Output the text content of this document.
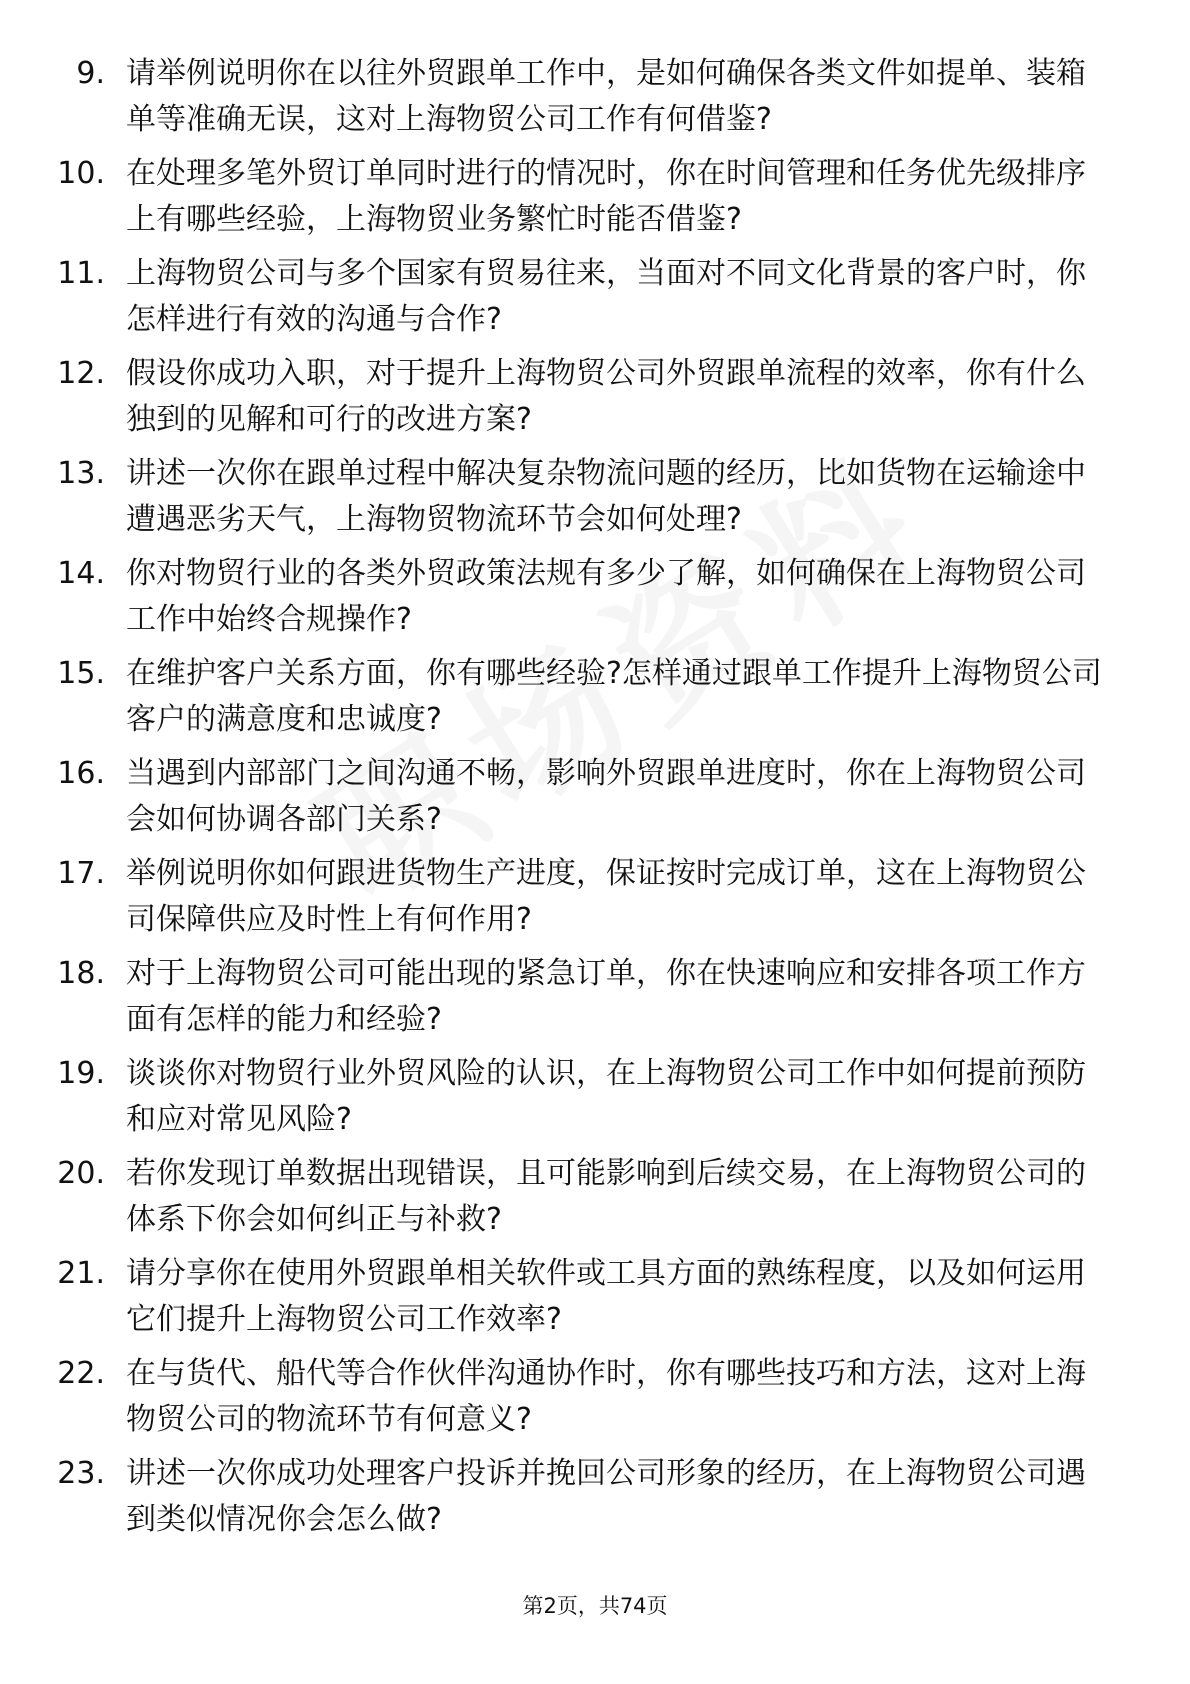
9. 请举例说明你在以往外贸跟单工作中，是如何确保各类文件如提单、装箱单等准确无误，这对上海物贸公司工作有何借鉴?
10. 在处理多笔外贸订单同时进行的情况时，你在时间管理和任务优先级排序上有哪些经验，上海物贸业务繁忙时能否借鉴?
11. 上海物贸公司与多个国家有贸易往来，当面对不同文化背景的客户时，你怎样进行有效的沟通与合作?
12. 假设你成功入职，对于提升上海物贸公司外贸跟单流程的效率，你有什么独到的见解和可行的改进方案?
13. 讲述一次你在跟单过程中解决复杂物流问题的经历，比如货物在运输途中遭遇恶劣天气，上海物贸物流环节会如何处理?
14. 你对物贸行业的各类外贸政策法规有多少了解，如何确保在上海物贸公司工作中始终合规操作?
15. 在维护客户关系方面，你有哪些经验?怎样通过跟单工作提升上海物贸公司客户的满意度和忠诚度?
16. 当遇到内部部门之间沟通不畅，影响外贸跟单进度时，你在上海物贸公司会如何协调各部门关系?
17. 举例说明你如何跟进货物生产进度，保证按时完成订单，这在上海物贸公司保障供应及时性上有何作用?
18. 对于上海物贸公司可能出现的紧急订单，你在快速响应和安排各项工作方面有怎样的能力和经验?
19. 谈谈你对物贸行业外贸风险的认识，在上海物贸公司工作中如何提前预防和应对常见风险?
20. 若你发现订单数据出现错误，且可能影响到后续交易，在上海物贸公司的体系下你会如何纠正与补救?
21. 请分享你在使用外贸跟单相关软件或工具方面的熟练程度，以及如何运用它们提升上海物贸公司工作效率?
22. 在与货代、船代等合作伙伴沟通协作时，你有哪些技巧和方法，这对上海物贸公司的物流环节有何意义?
23. 讲述一次你成功处理客户投诉并挽回公司形象的经历，在上海物贸公司遇到类似情况你会怎么做?
第2页，共74页
